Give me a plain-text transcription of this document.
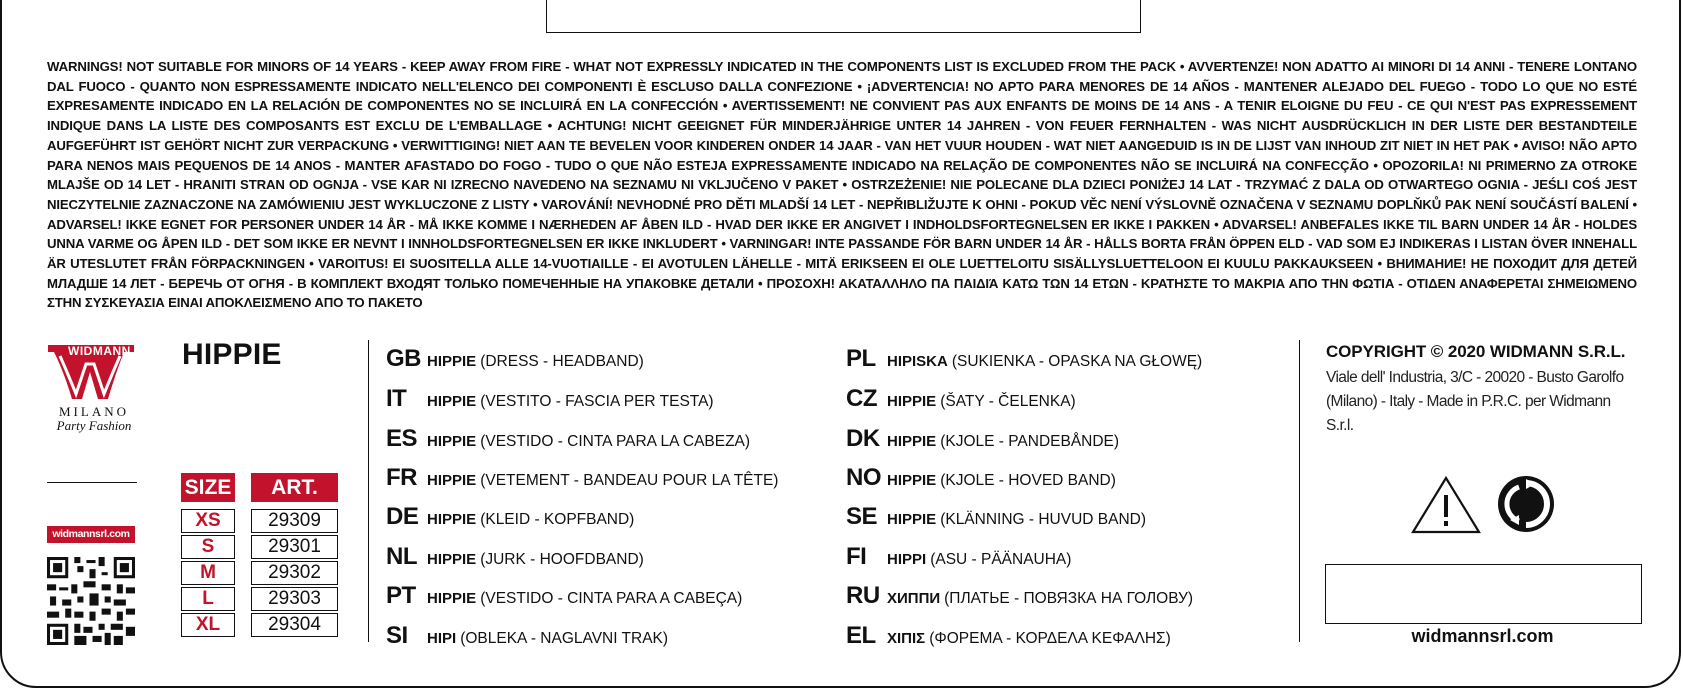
WARNINGS! NOT SUITABLE FOR MINORS OF 14 YEARS - KEEP AWAY FROM FIRE - WHAT NOT EXPRESSLY INDICATED IN THE COMPONENTS LIST IS EXCLUDED FROM THE PACK • AVVERTENZE! NON ADATTO AI MINORI DI 14 ANNI - TENERE LONTANO DAL FUOCO - QUANTO NON ESPRESSAMENTE INDICATO NELL'ELENCO DEI COMPONENTI È ESCLUSO DALLA CONFEZIONE • ¡ADVERTENCIA! NO APTO PARA MENORES DE 14 AÑOS - MANTENER ALEJADO DEL FUEGO - TODO LO QUE NO ESTÉ EXPRESAMENTE INDICADO EN LA RELACIÓN DE COMPONENTES NO SE INCLUIRÁ EN LA CONFECCIÓN • AVERTISSEMENT! NE CONVIENT PAS AUX ENFANTS DE MOINS DE 14 ANS - A TENIR ELOIGNE DU FEU - CE QUI N'EST PAS EXPRESSEMENT INDIQUE DANS LA LISTE DES COMPOSANTS EST EXCLU DE L'EMBALLAGE • ACHTUNG! NICHT GEEIGNET FÜR MINDERJÄHRIGE UNTER 14 JAHREN - VON FEUER FERNHALTEN - WAS NICHT AUSDRÜCKLICH IN DER LISTE DER BESTANDTEILE AUFGEFÜHRT IST GEHÖRT NICHT ZUR VERPACKUNG • VERWITTIGING! NIET AAN TE BEVELEN VOOR KINDEREN ONDER 14 JAAR - VAN HET VUUR HOUDEN - WAT NIET AANGEDUID IS IN DE LIJST VAN INHOUD ZIT NIET IN HET PAK • AVISO! NÃO APTO PARA NENOS MAIS PEQUENOS DE 14 ANOS - MANTER AFASTADO DO FOGO - TUDO O QUE NÃO ESTEJA EXPRESSAMENTE INDICADO NA RELAÇÃO DE COMPONENTES NÃO SE INCLUIRÁ NA CONFECÇÃO • OPOZORILA! NI PRIMERNO ZA OTROKE MLAJŠE OD 14 LET - HRANITI STRAN OD OGNJA - VSE KAR NI IZRECNO NAVEDENO NA SEZNAMU NI VKLJUČENO V PAKET • OSTRZEŻENIE! NIE POLECANE DLA DZIECI PONIŻEJ 14 LAT - TRZYMAĆ Z DALA OD OTWARTEGO OGNIA - JEŚLI COŚ JEST NIECZYTELNIE ZAZNACZONE NA ZAMÓWIENIU JEST WYKLUCZONE Z LISTY • VAROVÁNÍ! NEVHODNÉ PRO DĚTI MLADŠÍ 14 LET - NEPŘIBLIŽUJTE K OHNI - POKUD VĚC NENÍ VÝSLOVNĚ OZNAČENA V SEZNAMU DOPLŇKŮ PAK NENÍ SOUČÁSTÍ BALENÍ • ADVARSEL! IKKE EGNET FOR PERSONER UNDER 14 ÅR - MÅ IKKE KOMME I NÆRHEDEN AF ÅBEN ILD - HVAD DER IKKE ER ANGIVET I INDHOLDSFORTEGNELSEN ER IKKE I PAKKEN • ADVARSEL! ANBEFALES IKKE TIL BARN UNDER 14 ÅR - HOLDES UNNA VARME OG ÅPEN ILD - DET SOM IKKE ER NEVNT I INNHOLDSFORTEGNELSEN ER IKKE INKLUDERT • VARNINGAR! INTE PASSANDE FÖR BARN UNDER 14 ÅR - HÅLLS BORTA FRÅN ÖPPEN ELD - VAD SOM EJ INDIKERAS I LISTAN ÖVER INNEHALL ÄR UTESLUTET FRÅN FÖRPACKNINGEN • VAROITUS! EI SUOSITELLA ALLE 14-VUOTIAILLE - EI AVOTULEN LÄHELLE - MITÄ ERIKSEEN EI OLE LUETTELOITU SISÄLLYSLUETTELOON EI KUULU PAKKAUKSEEN • ВНИМАНИЕ! НЕ ПОХОДИТ ДЛЯ ДЕТЕЙ МЛАДШЕ 14 ЛЕТ - БЕРЕЧЬ ОТ ОГНЯ - В КОМПЛЕКТ ВХОДЯТ ТОЛЬКО ПОМЕЧЕННЫЕ НА УПАКОВКЕ ДЕТАЛИ • ΠΡΟΣΟΧΗ! ΑΚΑΤΑΛΛΗΛΟ ΠΑ ΠΑΙΔΙΆ ΚΑΤΩ ΤΩΝ 14 ΕΤΩΝ - ΚΡΑΤΗΣΤΕ ΤΟ ΜΑΚΡΙΑ ΑΠΟ ΤΗΝ ΦΩΤΙΑ - ΟΤΙΔΕΝ ΑΝΑΦΕΡΕΤΑΙ ΣΗΜΕΙΩΜΕΝΟ ΣΤΗΝ ΣΥΣΚΕΥΑΣΙΑ ΕΙΝΑΙ ΑΠΟΚΛΕΙΣΜΕΝΟ ΑΠΟ ΤΟ ΠΑΚΕΤΟ
WIDMANN
MILANO
Party Fashion
widmannsrl.com
HIPPIE
SIZE	ART.
XS	29309
S	29301
M	29302
L	29303
XL	29304
GB HIPPIE (DRESS - HEADBAND)
IT	HIPPIE (VESTITO - FASCIA PER TESTA)
ES HIPPIE (VESTIDO - CINTA PARA LA CABEZA)
FR HIPPIE (VETEMENT - BANDEAU POUR LA TÊTE)
DE HIPPIE (KLEID - KOPFBAND)
NL HIPPIE (JURK - HOOFDBAND)
PT HIPPIE (VESTIDO - CINTA PARA A CABEÇA)
SI	HIPI (OBLEKA - NAGLAVNI TRAK)
PL HIPISKA (SUKIENKA - OPASKA NA GŁOWĘ)
CZ HIPPIE (ŠATY - ČELENKA)
DK HIPPIE (KJOLE - PANDEBÅNDE)
NO HIPPIE (KJOLE - HOVED BAND)
SE HIPPIE (KLÄNNING - HUVUD BAND)
FI	HIPPI (ASU - PÄÄNAUHA)
RU ХИППИ (ПЛАТЬЕ - ПОВЯЗКА НА ГОЛОВУ)
EL ΧΙΠΙΣ (ΦΟΡΕΜΑ - ΚΟΡΔΕΛΑ ΚΕΦΑΛΗΣ)
COPYRIGHT © 2020 WIDMANN S.R.L.
Viale dell' Industria, 3/C - 20020 - Busto Garolfo
(Milano) - Italy - Made in P.R.C. per Widmann S.r.l.
widmannsrl.com
